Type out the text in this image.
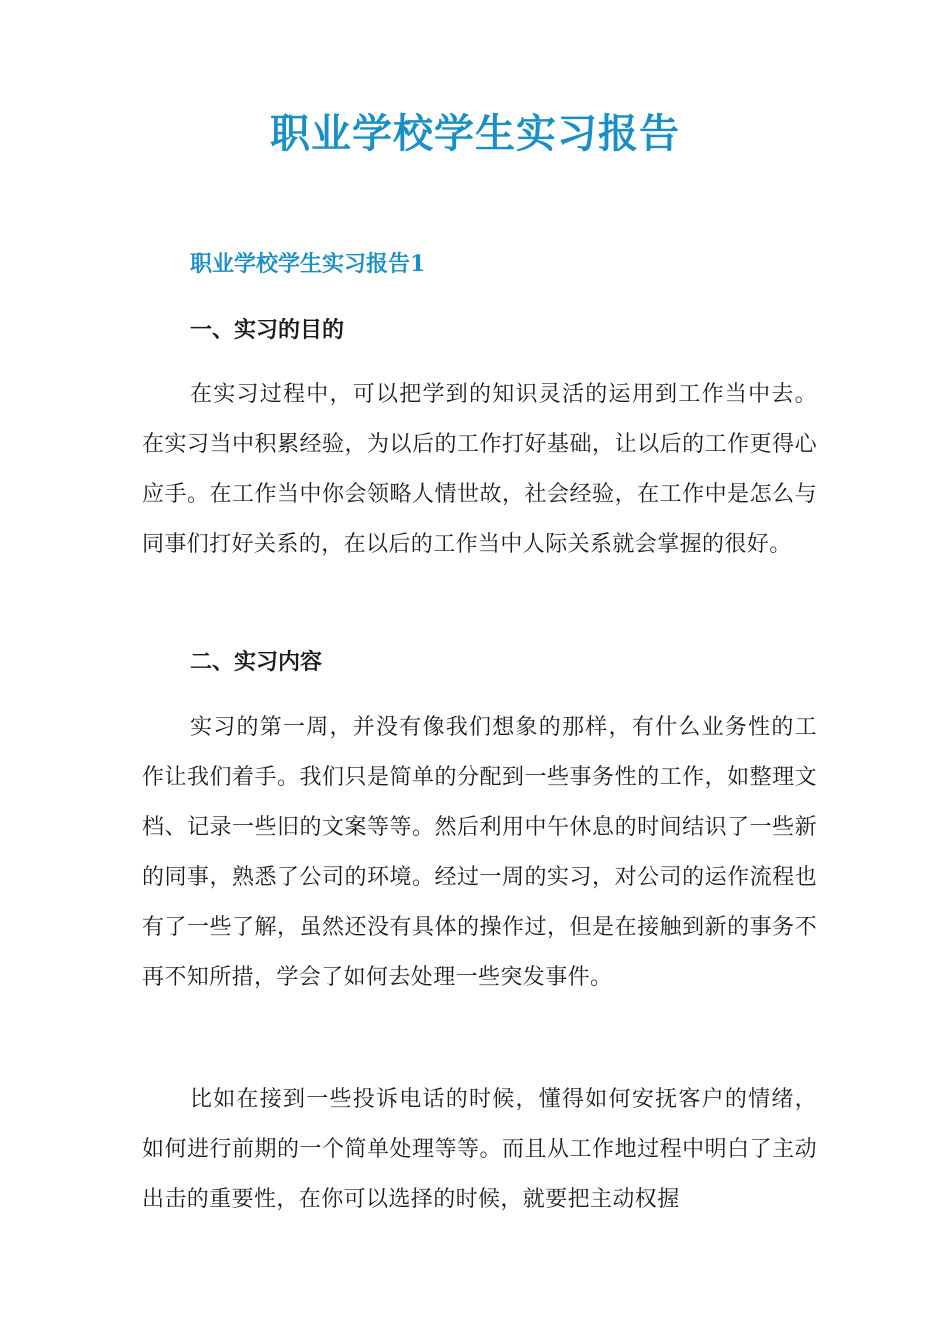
职业学校学生实习报告
职业学校学生实习报告1
一、实习的目的

在实习过程中，可以把学到的知识灵活的运用到工作当中去。在实习当中积累经验，为以后的工作打好基础，让以后的工作更得心应手。在工作当中你会领略人情世故，社会经验，在工作中是怎么与同事们打好关系的，在以后的工作当中人际关系就会掌握的很好。

二、实习内容

实习的第一周，并没有像我们想象的那样，有什么业务性的工作让我们着手。我们只是简单的分配到一些事务性的工作，如整理文档、记录一些旧的文案等等。然后利用中午休息的时间结识了一些新的同事，熟悉了公司的环境。经过一周的实习，对公司的运作流程也有了一些了解，虽然还没有具体的操作过，但是在接触到新的事务不再不知所措，学会了如何去处理一些突发事件。

比如在接到一些投诉电话的时候，懂得如何安抚客户的情绪，如何进行前期的一个简单处理等等。而且从工作地过程中明白了主动出击的重要性，在你可以选择的时候，就要把主动权握
